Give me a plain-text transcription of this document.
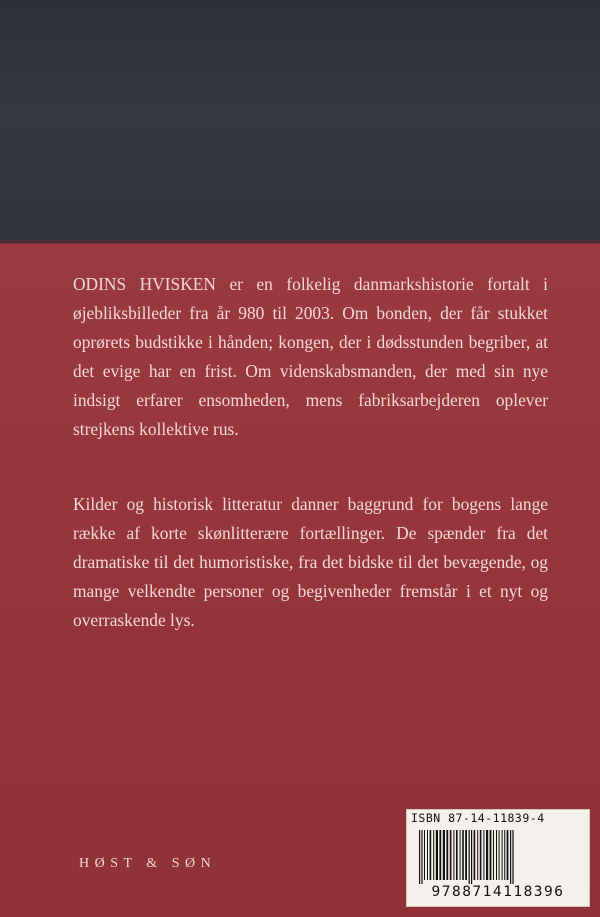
ODINS HVISKEN er en folkelig danmarkshistorie fortalt i øjebliksbilleder fra år 980 til 2003. Om bonden, der får stukket oprørets budstikke i hånden; kongen, der i dødsstunden begriber, at det evige har en frist. Om videnskabsmanden, der med sin nye indsigt erfarer ensomheden, mens fabriksarbejderen oplever strejkens kollektive rus.

Kilder og historisk litteratur danner baggrund for bogens lange række af korte skønlitterære fortællinger. De spænder fra det dramatiske til det humoristiske, fra det bidske til det bevægende, og mange velkendte personer og begivenheder fremstår i et nyt og overraskende lys.

HØST & SØN
ISBN 87-14-11839-4
9788714118396
